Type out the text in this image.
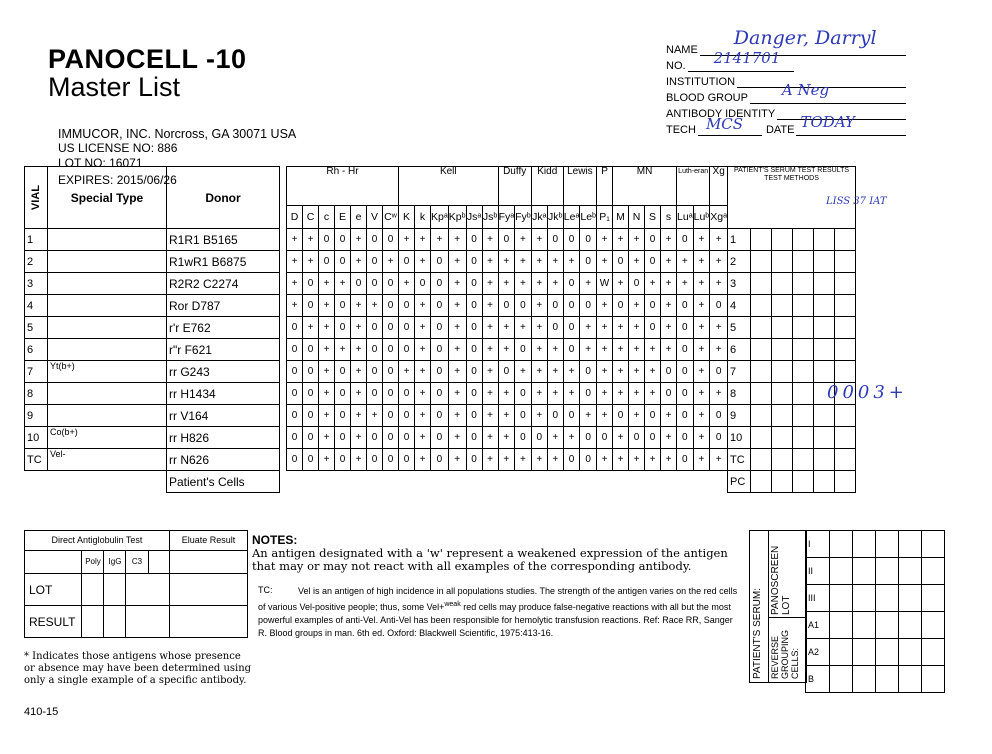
PANOCELL -10
Master List
IMMUCOR, INC. Norcross, GA 30071 USA
US LICENSE NO: 886
LOT NO: 16071
EXPIRES: 2015/06/26
NAME
Danger, Darryl
NO. 2141701
INSTITUTION
BLOOD GROUP A Neg
ANTIBODY IDENTITY
TECH MCS DATE TODAY
VIAL	Special Type	Donor		Rh - Hr							Kell						Duffy		Kidd		Lewis		P	MN				Luth-eran		Xg	PATIENT'S SERUM TEST RESULTS TEST METHODS					
				D	C	c	E	e	V	Cʷ	K	k	Kpᵃ	Kpᵇ	Jsᵃ	Jsᵇ	Fyᵃ	Fyᵇ	Jkᵃ	Jkᵇ	Leᵃ	Leᵇ	P₁	M	N	S	s	Luᵃ	Luᵇ	Xgᵃ						
1		R1R1 B5165		+	+	0	0	+	0	0	+	+	+	+	0	+	0	+	+	0	0	0	+	+	+	0	+	0	+	+	1					
2		R1wR1 B6875		+	+	0	0	+	0	+	0	+	0	+	0	+	+	+	+	+	+	0	+	0	+	0	+	+	+	+	2					
3		R2R2 C2274		+	0	+	+	0	0	0	+	0	0	+	0	+	+	+	+	+	0	+	W	+	0	+	+	+	+	+	3					
4		Ror D787		+	0	+	0	+	+	0	0	+	0	+	0	+	0	0	+	0	0	0	+	0	+	0	+	0	+	0	4					
5		r'r E762		0	+	+	0	+	0	0	0	+	0	+	0	+	+	+	+	0	0	+	+	+	+	0	+	0	+	+	5					
6		r"r F621		0	0	+	+	+	0	0	0	+	0	+	0	+	+	0	+	+	0	+	+	+	+	+	+	0	+	+	6					
7	Yt(b+)	rr G243		0	0	+	0	+	0	0	+	+	0	+	0	+	0	+	+	+	+	0	+	+	+	+	0	0	+	0	7					
8		rr H1434		0	0	+	0	+	0	0	0	+	0	+	0	+	+	0	+	+	+	0	+	+	+	+	0	0	+	+	8					
9		rr V164		0	0	+	0	+	+	0	0	+	0	+	0	+	+	0	+	0	0	+	+	0	+	0	+	0	+	0	9					
10	Co(b+)	rr H826		0	0	+	0	+	0	0	0	+	0	+	0	+	+	0	0	+	+	0	0	+	0	0	+	0	+	0	10					
TC	Vel-	rr N626		0	0	+	0	+	0	0	0	+	0	+	0	+	+	+	+	+	0	0	+	+	+	+	+	0	+	+	TC					
		Patient's Cells																													PC					
0003+
LISS 37 IAT
Direct Antiglobulin Test	Eluate Result
Poly IgG	C3
LOT
RESULT
NOTES:
An antigen designated with a 'w' represent a weakened expression of the antigen that may or may not react with all examples of the corresponding antibody.
TC:	Vel is an antigen of high incidence in all populations studies. The strength of the antigen varies on the red cells of various Vel-positive people; thus, some Vel+$^{weak}$ red cells may produce false-negative reactions with all but the most powerful examples of anti-Vel. Anti-Vel has been responsible for hemolytic transfusion reactions. Ref: Race RR, Sanger R. Blood groups in man. 6th ed. Oxford: Blackwell Scientific, 1975:413-16.
* Indicates those antigens whose presence or absence may have been determined using only a single example of a specific antibody.
410-15
PATIENT'S SERUM:
PANOSCREEN LOT
REVERSE GROUPING CELLS:
I					
II					
III					
A1					
A2					
B					
